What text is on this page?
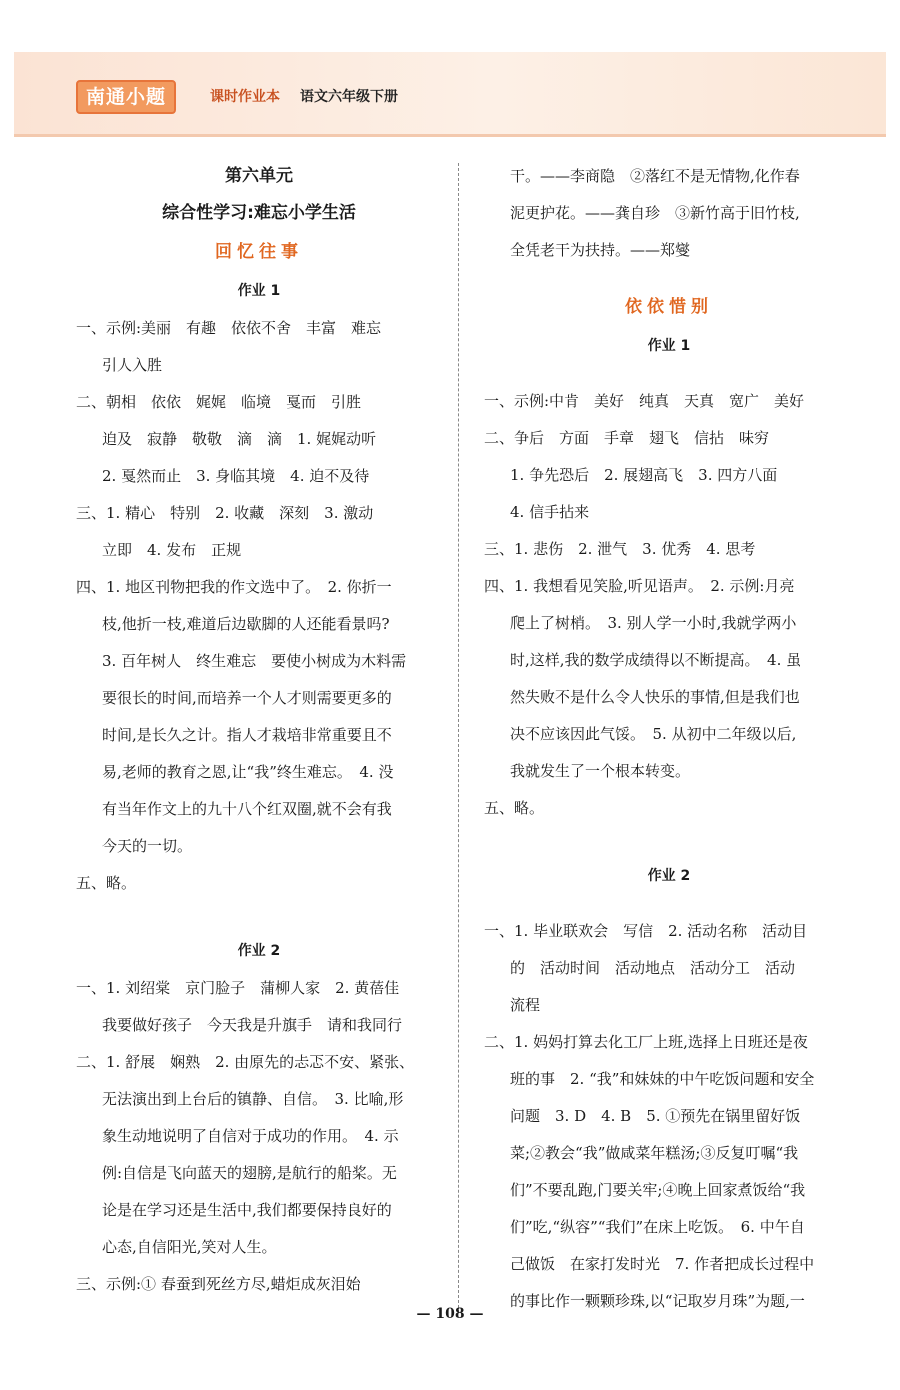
南通小题	课时作业本 语文六年级下册
第六单元
综合性学习:难忘小学生活
回忆往事
作业 1
一、示例:美丽　有趣　依依不舍　丰富　难忘
引人入胜
二、朝相　依依　娓娓　临境　戛而　引胜
迫及　寂静　敬敬　滴　滴　1. 娓娓动听
2. 戛然而止　3. 身临其境　4. 迫不及待
三、1. 精心　特别　2. 收藏　深刻　3. 激动
立即　4. 发布　正规
四、1. 地区刊物把我的作文选中了。　2. 你折一
枝,他折一枝,难道后边歇脚的人还能看景吗?
3. 百年树人　终生难忘　要使小树成为木料需
要很长的时间,而培养一个人才则需要更多的
时间,是长久之计。指人才栽培非常重要且不
易,老师的教育之恩,让“我”终生难忘。　4. 没
有当年作文上的九十八个红双圈,就不会有我
今天的一切。
五、略。
作业 2
一、1. 刘绍棠　京门脸子　蒲柳人家　2. 黄蓓佳
我要做好孩子　今天我是升旗手　请和我同行
二、1. 舒展　娴熟　2. 由原先的忐忑不安、紧张、
无法演出到上台后的镇静、自信。　3. 比喻,形
象生动地说明了自信对于成功的作用。　4. 示
例:自信是飞向蓝天的翅膀,是航行的船桨。无
论是在学习还是生活中,我们都要保持良好的
心态,自信阳光,笑对人生。
三、示例:① 春蚕到死丝方尽,蜡炬成灰泪始
干。——李商隐　②落红不是无情物,化作春
泥更护花。——龚自珍　③新竹高于旧竹枝,
全凭老干为扶持。——郑燮
依依惜别
作业 1
一、示例:中肯　美好　纯真　天真　宽广　美好
二、争后　方面　手章　翅飞　信拈　味穷
1. 争先恐后　2. 展翅高飞　3. 四方八面
4. 信手拈来
三、1. 悲伤　2. 泄气　3. 优秀　4. 思考
四、1. 我想看见笑脸,听见语声。　2. 示例:月亮
爬上了树梢。　3. 别人学一小时,我就学两小
时,这样,我的数学成绩得以不断提高。　4. 虽
然失败不是什么令人快乐的事情,但是我们也
决不应该因此气馁。　5. 从初中二年级以后,
我就发生了一个根本转变。
五、略。
作业 2
一、1. 毕业联欢会　写信　2. 活动名称　活动目
的　活动时间　活动地点　活动分工　活动
流程
二、1. 妈妈打算去化工厂上班,选择上日班还是夜
班的事　2. “我”和妹妹的中午吃饭问题和安全
问题　3. D　4. B　5. ①预先在锅里留好饭
菜;②教会“我”做咸菜年糕汤;③反复叮嘱“我
们”不要乱跑,门要关牢;④晚上回家煮饭给“我
们”吃,“纵容”“我们”在床上吃饭。　6. 中午自
己做饭　在家打发时光　7. 作者把成长过程中
的事比作一颗颗珍珠,以“记取岁月珠”为题,一
— 108 —
